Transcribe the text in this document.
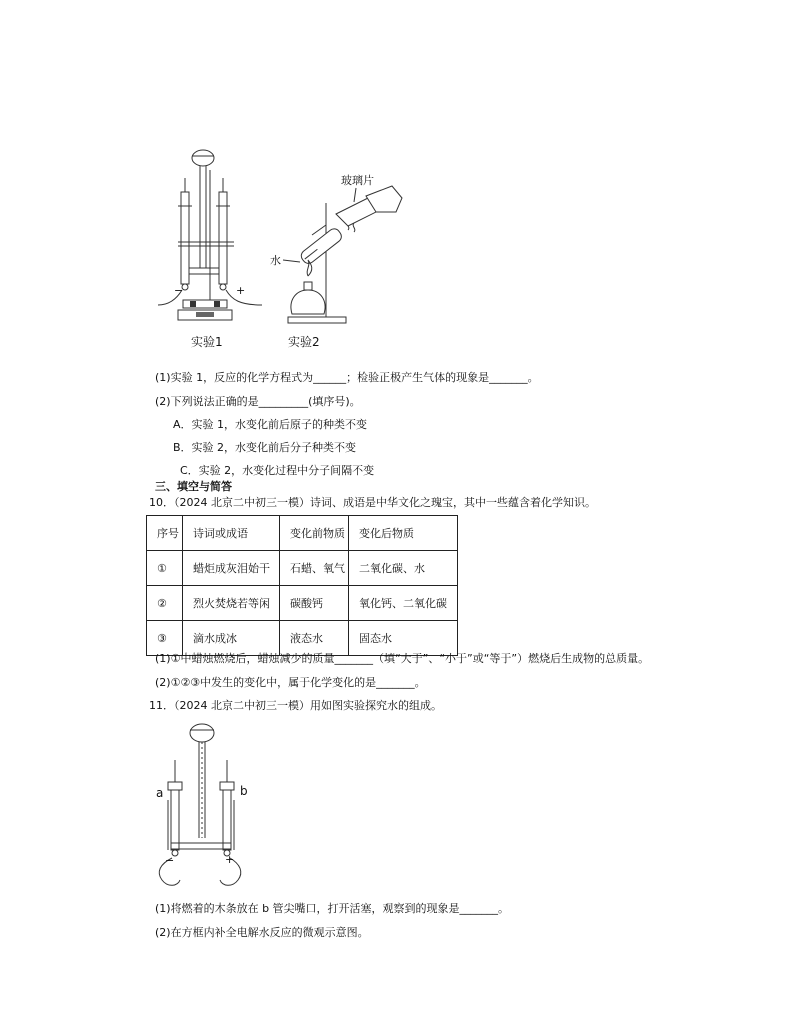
实验1
−	+
实验2
玻璃片
水
(1)实验 1，反应的化学方程式为______；检验正极产生气体的现象是_______。
(2)下列说法正确的是_________(填序号)。
A．实验 1，水变化前后原子的种类不变
B．实验 2，水变化前后分子种类不变
C．实验 2，水变化过程中分子间隔不变
三、填空与简答
10．（2024 北京二中初三一模）诗词、成语是中华文化之瑰宝，其中一些蕴含着化学知识。
序号	诗词或成语	变化前物质	变化后物质
①	蜡炬成灰泪始干	石蜡、氧气	二氧化碳、水
②	烈火焚烧若等闲	碳酸钙	氧化钙、二氧化碳
③	滴水成冰	液态水	固态水
(1)①中蜡烛燃烧后，蜡烛减少的质量_______（填“大于”、“小于”或“等于”）燃烧后生成物的总质量。
(2)①②③中发生的变化中，属于化学变化的是_______。
11．（2024 北京二中初三一模）用如图实验探究水的组成。
a	b
−	+
(1)将燃着的木条放在 b 管尖嘴口，打开活塞，观察到的现象是_______。
(2)在方框内补全电解水反应的微观示意图。
